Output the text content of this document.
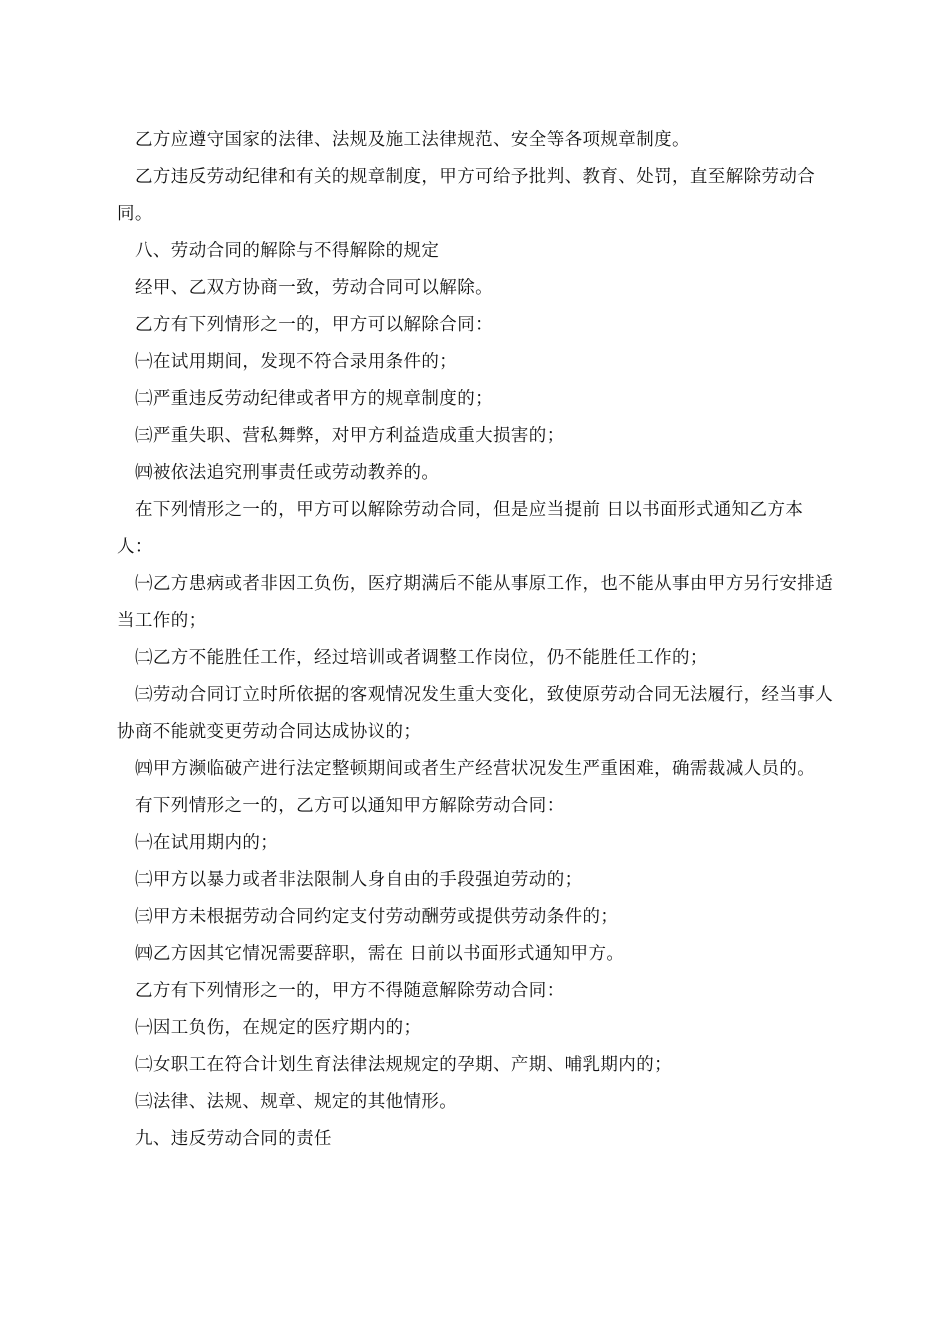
乙方应遵守国家的法律、法规及施工法律规范、安全等各项规章制度。

乙方违反劳动纪律和有关的规章制度，甲方可给予批判、教育、处罚，直至解除劳动合同。

八、劳动合同的解除与不得解除的规定

经甲、乙双方协商一致，劳动合同可以解除。

乙方有下列情形之一的，甲方可以解除合同：

㈠在试用期间，发现不符合录用条件的；

㈡严重违反劳动纪律或者甲方的规章制度的；

㈢严重失职、营私舞弊，对甲方利益造成重大损害的；

㈣被依法追究刑事责任或劳动教养的。

在下列情形之一的，甲方可以解除劳动合同，但是应当提前 日以书面形式通知乙方本人：

㈠乙方患病或者非因工负伤，医疗期满后不能从事原工作，也不能从事由甲方另行安排适当工作的；

㈡乙方不能胜任工作，经过培训或者调整工作岗位，仍不能胜任工作的；

㈢劳动合同订立时所依据的客观情况发生重大变化，致使原劳动合同无法履行，经当事人协商不能就变更劳动合同达成协议的；

㈣甲方濒临破产进行法定整顿期间或者生产经营状况发生严重困难，确需裁减人员的。

有下列情形之一的，乙方可以通知甲方解除劳动合同：

㈠在试用期内的；

㈡甲方以暴力或者非法限制人身自由的手段强迫劳动的；

㈢甲方未根据劳动合同约定支付劳动酬劳或提供劳动条件的；

㈣乙方因其它情况需要辞职，需在 日前以书面形式通知甲方。

乙方有下列情形之一的，甲方不得随意解除劳动合同：

㈠因工负伤，在规定的医疗期内的；

㈡女职工在符合计划生育法律法规规定的孕期、产期、哺乳期内的；

㈢法律、法规、规章、规定的其他情形。

九、违反劳动合同的责任
